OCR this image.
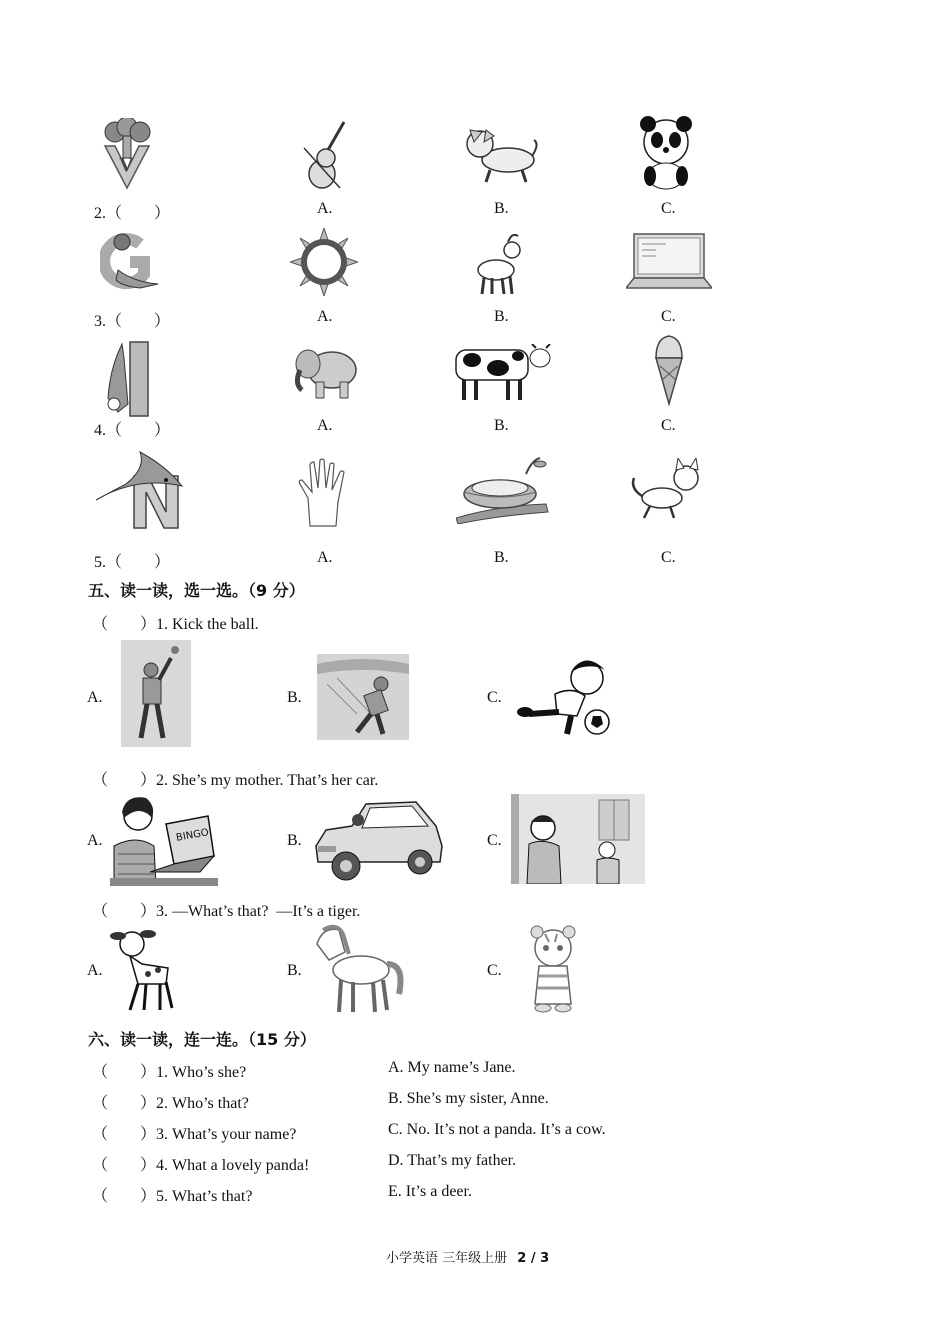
V
2.（　　）	A.	B.	C.
3.（　　）	A.	B.	C.
4.（　　）	A.	B.	C.
5.（　　）	A.	B.	C.
五、读一读，选一选。（9 分）
（　　）1. Kick the ball.
A.	B.	C.
（　　）2. She’s my mother. That’s her car.
A.	BINGO	B.	C.
（　　）3. —What’s that?  —It’s a tiger.
A.	B.	C.
六、读一读，连一连。（15 分）
（　　）1. Who’s she?
（　　）2. Who’s that?
（　　）3. What’s your name?
（　　）4. What a lovely panda!
（　　）5. What’s that?
A. My name’s Jane.
B. She’s my sister, Anne.
C. No. It’s not a panda. It’s a cow.
D. That’s my father.
E. It’s a deer.
小学英语 三年级上册 2 / 3
